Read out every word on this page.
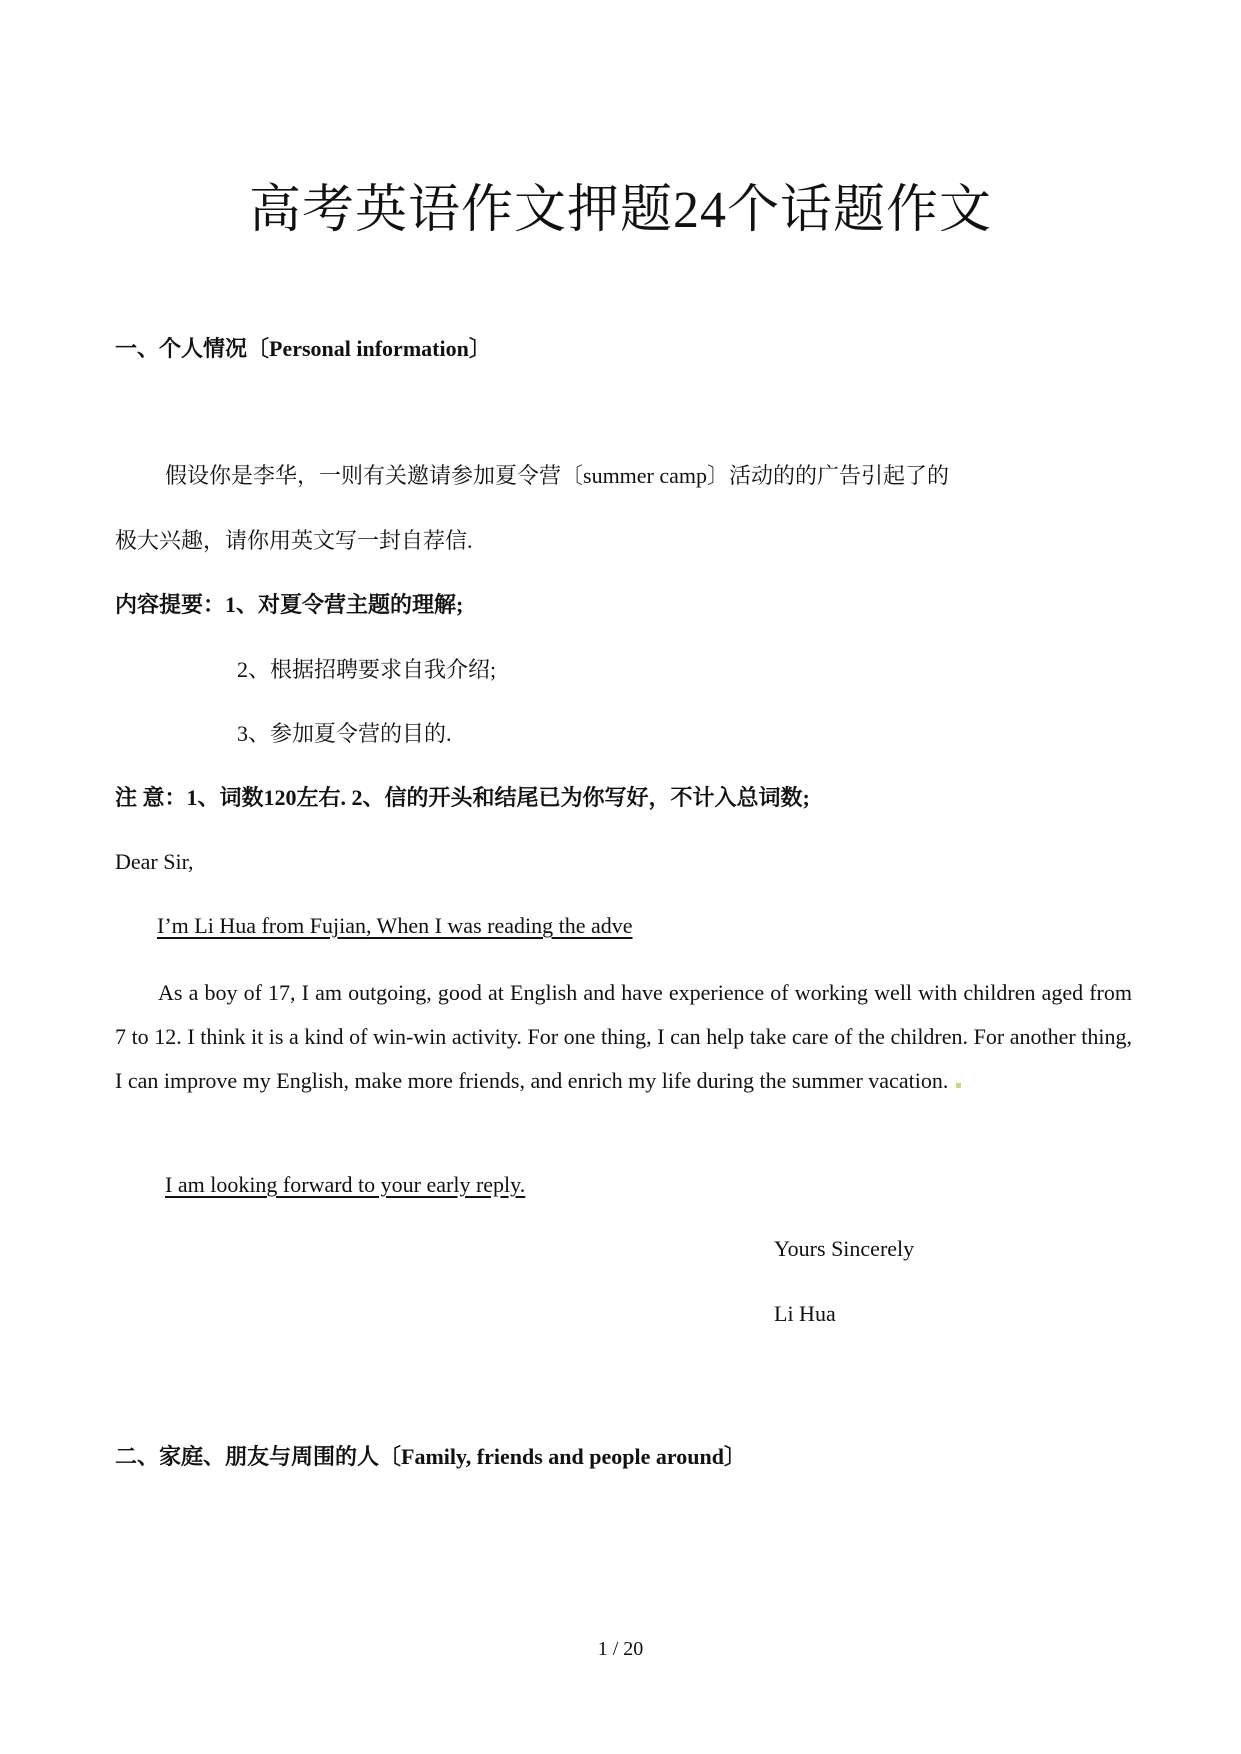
高考英语作文押题24个话题作文

一、个人情况〔Personal information〕

假设你是李华，一则有关邀请参加夏令营〔summer camp〕活动的的广告引起了的

极大兴趣，请你用英文写一封自荐信.

内容提要：1、对夏令营主题的理解;

2、根据招聘要求自我介绍;

3、参加夏令营的目的.

注 意：1、词数120左右. 2、信的开头和结尾已为你写好，不计入总词数;

Dear Sir,

I’m Li Hua from Fujian, When I was reading the adve

As a boy of 17, I am outgoing, good at English and have experience of working well with children aged from 7 to 12. I think it is a kind of win-win activity. For one thing, I can help take care of the children. For another thing, I can improve my English, make more friends, and enrich my life during the summer vacation.

I am looking forward to your early reply.

Yours Sincerely

Li Hua

二、家庭、朋友与周围的人〔Family, friends and people around〕

1 / 20
